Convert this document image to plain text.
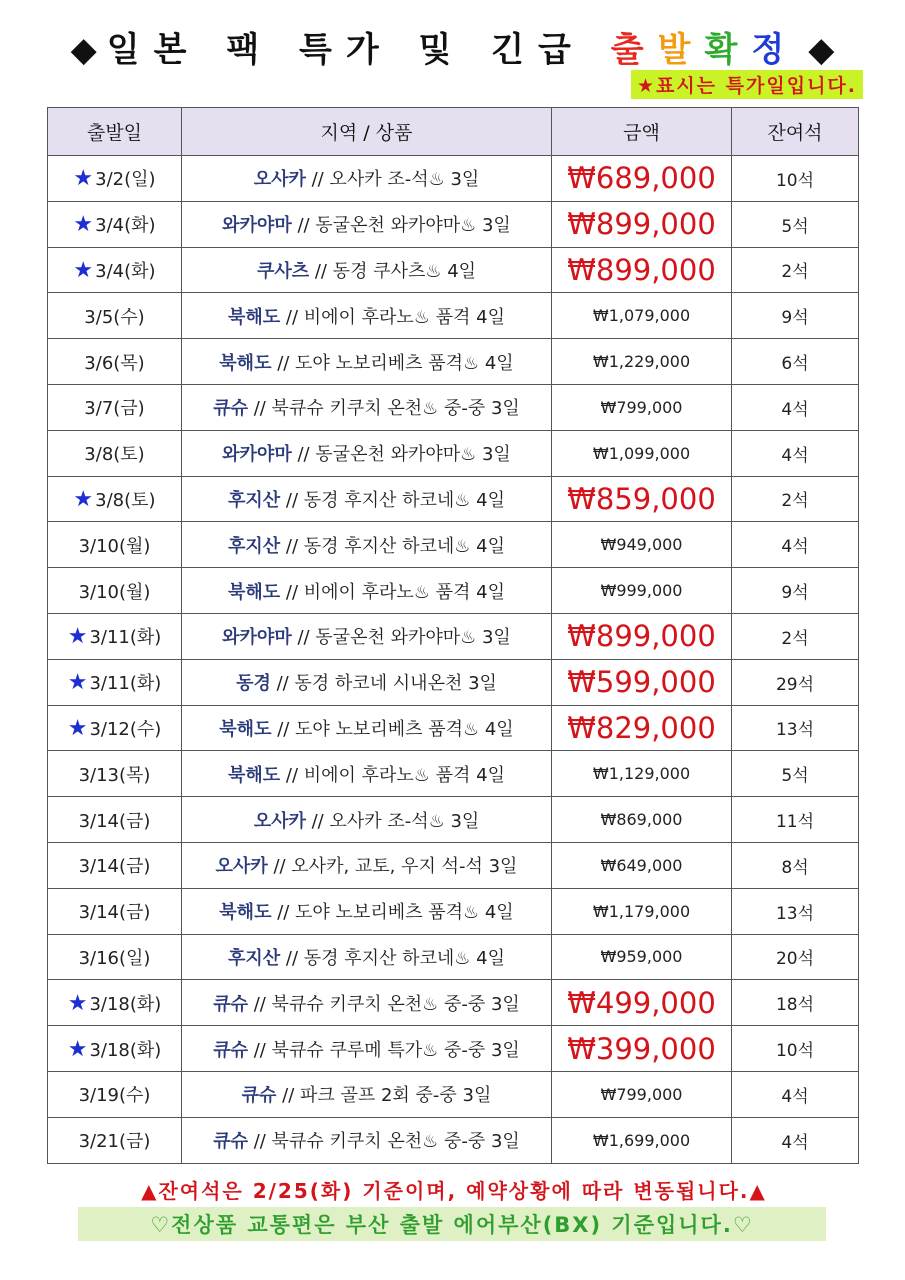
◆ 일본 팩 특가 및 긴급 출발확정 ◆
★표시는 특가일입니다.
출발일	지역 / 상품	금액	잔여석
★ 3/2(일)	오사카 // 오사카 조-석♨ 3일	₩689,000	10석
★ 3/4(화)	와카야마 // 동굴온천 와카야마♨ 3일	₩899,000	5석
★ 3/4(화)	쿠사츠 // 동경 쿠사츠♨ 4일	₩899,000	2석
3/5(수)	북해도 // 비에이 후라노♨ 품격 4일	₩1,079,000	9석
3/6(목)	북해도 // 도야 노보리베츠 품격♨ 4일	₩1,229,000	6석
3/7(금)	큐슈 // 북큐슈 키쿠치 온천♨ 중-중 3일	₩799,000	4석
3/8(토)	와카야마 // 동굴온천 와카야마♨ 3일	₩1,099,000	4석
★ 3/8(토)	후지산 // 동경 후지산 하코네♨ 4일	₩859,000	2석
3/10(월)	후지산 // 동경 후지산 하코네♨ 4일	₩949,000	4석
3/10(월)	북해도 // 비에이 후라노♨ 품격 4일	₩999,000	9석
★ 3/11(화)	와카야마 // 동굴온천 와카야마♨ 3일	₩899,000	2석
★ 3/11(화)	동경 // 동경 하코네 시내온천 3일	₩599,000	29석
★ 3/12(수)	북해도 // 도야 노보리베츠 품격♨ 4일	₩829,000	13석
3/13(목)	북해도 // 비에이 후라노♨ 품격 4일	₩1,129,000	5석
3/14(금)	오사카 // 오사카 조-석♨ 3일	₩869,000	11석
3/14(금)	오사카 // 오사카, 교토, 우지 석-석 3일	₩649,000	8석
3/14(금)	북해도 // 도야 노보리베츠 품격♨ 4일	₩1,179,000	13석
3/16(일)	후지산 // 동경 후지산 하코네♨ 4일	₩959,000	20석
★ 3/18(화)	큐슈 // 북큐슈 키쿠치 온천♨ 중-중 3일	₩499,000	18석
★ 3/18(화)	큐슈 // 북큐슈 쿠루메 특가♨ 중-중 3일	₩399,000	10석
3/19(수)	큐슈 // 파크 골프 2회 중-중 3일	₩799,000	4석
3/21(금)	큐슈 // 북큐슈 키쿠치 온천♨ 중-중 3일	₩1,699,000	4석
▲잔여석은 2/25(화) 기준이며, 예약상황에 따라 변동됩니다.▲
♡전상품 교통편은 부산 출발 에어부산(BX) 기준입니다.♡
